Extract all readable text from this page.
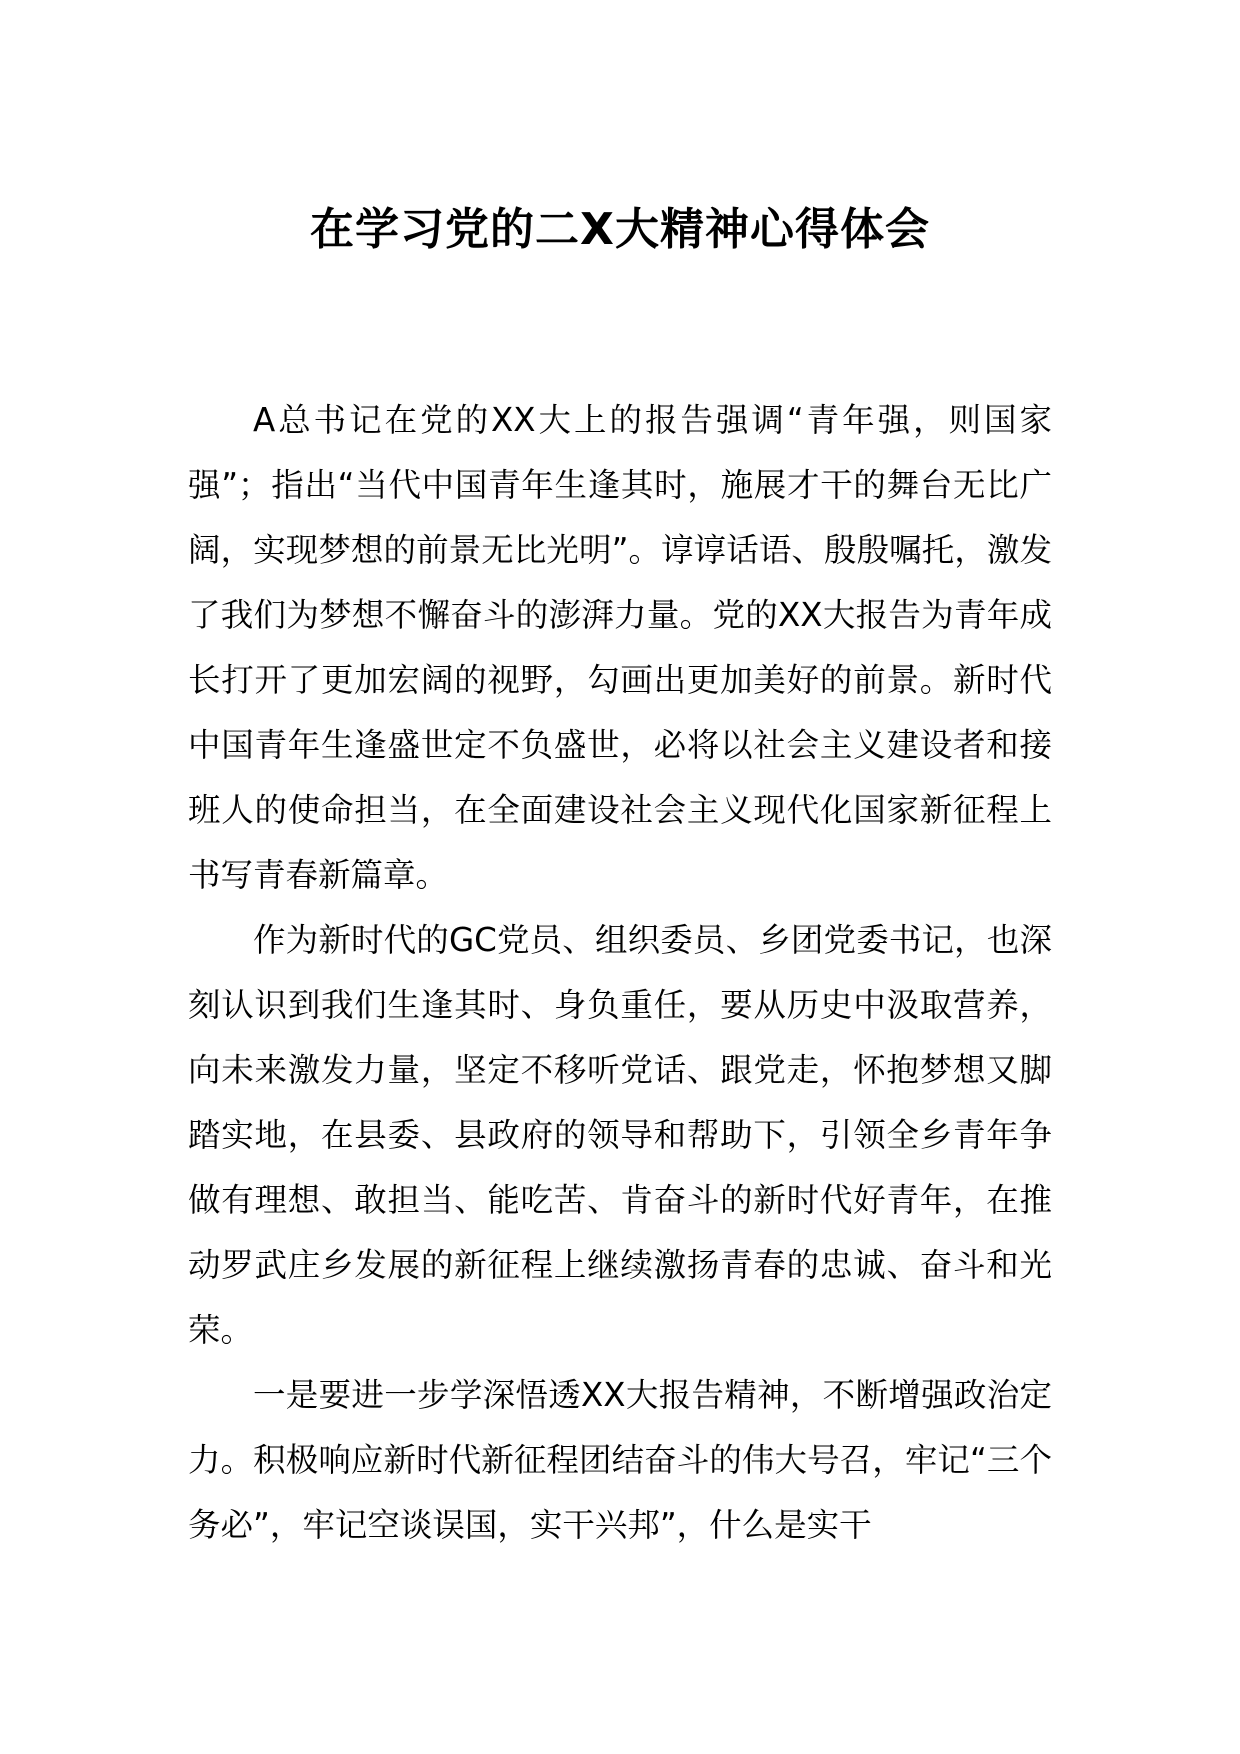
在学习党的二X大精神心得体会

A总书记在党的XX大上的报告强调“青年强，则国家强”；指出“当代中国青年生逢其时，施展才干的舞台无比广阔，实现梦想的前景无比光明”。谆谆话语、殷殷嘱托，激发了我们为梦想不懈奋斗的澎湃力量。党的XX大报告为青年成长打开了更加宏阔的视野，勾画出更加美好的前景。新时代中国青年生逢盛世定不负盛世，必将以社会主义建设者和接班人的使命担当，在全面建设社会主义现代化国家新征程上书写青春新篇章。

作为新时代的GC党员、组织委员、乡团党委书记，也深刻认识到我们生逢其时、身负重任，要从历史中汲取营养，向未来激发力量，坚定不移听党话、跟党走，怀抱梦想又脚踏实地，在县委、县政府的领导和帮助下，引领全乡青年争做有理想、敢担当、能吃苦、肯奋斗的新时代好青年，在推动罗武庄乡发展的新征程上继续激扬青春的忠诚、奋斗和光荣。

一是要进一步学深悟透XX大报告精神，不断增强政治定力。积极响应新时代新征程团结奋斗的伟大号召，牢记“三个务必”，牢记空谈误国，实干兴邦”，什么是实干
